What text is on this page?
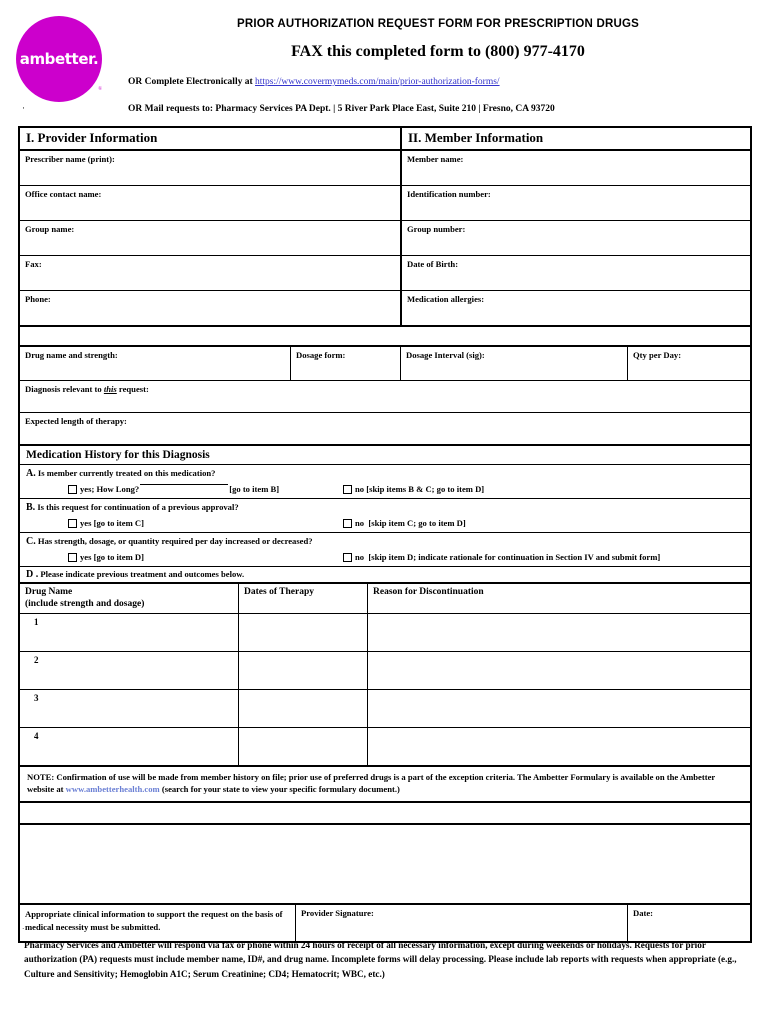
ambetter.
®
PRIOR AUTHORIZATION REQUEST FORM FOR PRESCRIPTION DRUGS
FAX this completed form to (800) 977-4170
OR Complete Electronically at https://www.covermymeds.com/main/prior-authorization-forms/
OR Mail requests to: Pharmacy Services PA Dept. | 5 River Park Place East, Suite 210 | Fresno, CA 93720
·
I. Provider Information	II. Member Information
Prescriber name (print):	Member name:
Office contact name:	Identification number:
Group name:	Group number:
Fax:	Date of Birth:
Phone:	Medication allergies:
Drug name and strength:	Dosage form:	Dosage Interval (sig):	Qty per Day:
Diagnosis relevant to this request:
Expected length of therapy:
Medication History for this Diagnosis
A. Is member currently treated on this medication?
yes; How Long?	[go to item B]	no
[skip items B & C; go to item D]
B. Is this request for continuation of a previous approval?
yes
[go to item C]	no
[skip item C; go to item D]
C. Has strength, dosage, or quantity required per day increased or decreased?
yes
[go to item D]	no
[skip item D; indicate rationale for continuation in Section IV and submit form]
D . Please indicate previous treatment and outcomes below.
Drug Name
(include strength and dosage)
Dates of Therapy	Reason for Discontinuation
1
2
3
4
NOTE: Confirmation of use will be made from member history on file; prior use of preferred drugs is a part of the exception criteria. The Ambetter Formulary is available on the Ambetter website at www.ambetterhealth.com (search for your state to view your specific formulary document.)
Appropriate clinical information to support the request on the basis of medical necessity must be submitted.
Provider Signature:	Date:
·
Pharmacy Services and Ambetter will respond via fax or phone within 24 hours of receipt of all necessary information, except during weekends or holidays. Requests for prior authorization (PA) requests must include member name, ID#, and drug name. Incomplete forms will delay processing. Please include lab reports with requests when appropriate (e.g., Culture and Sensitivity; Hemoglobin A1C; Serum Creatinine; CD4; Hematocrit; WBC, etc.)
